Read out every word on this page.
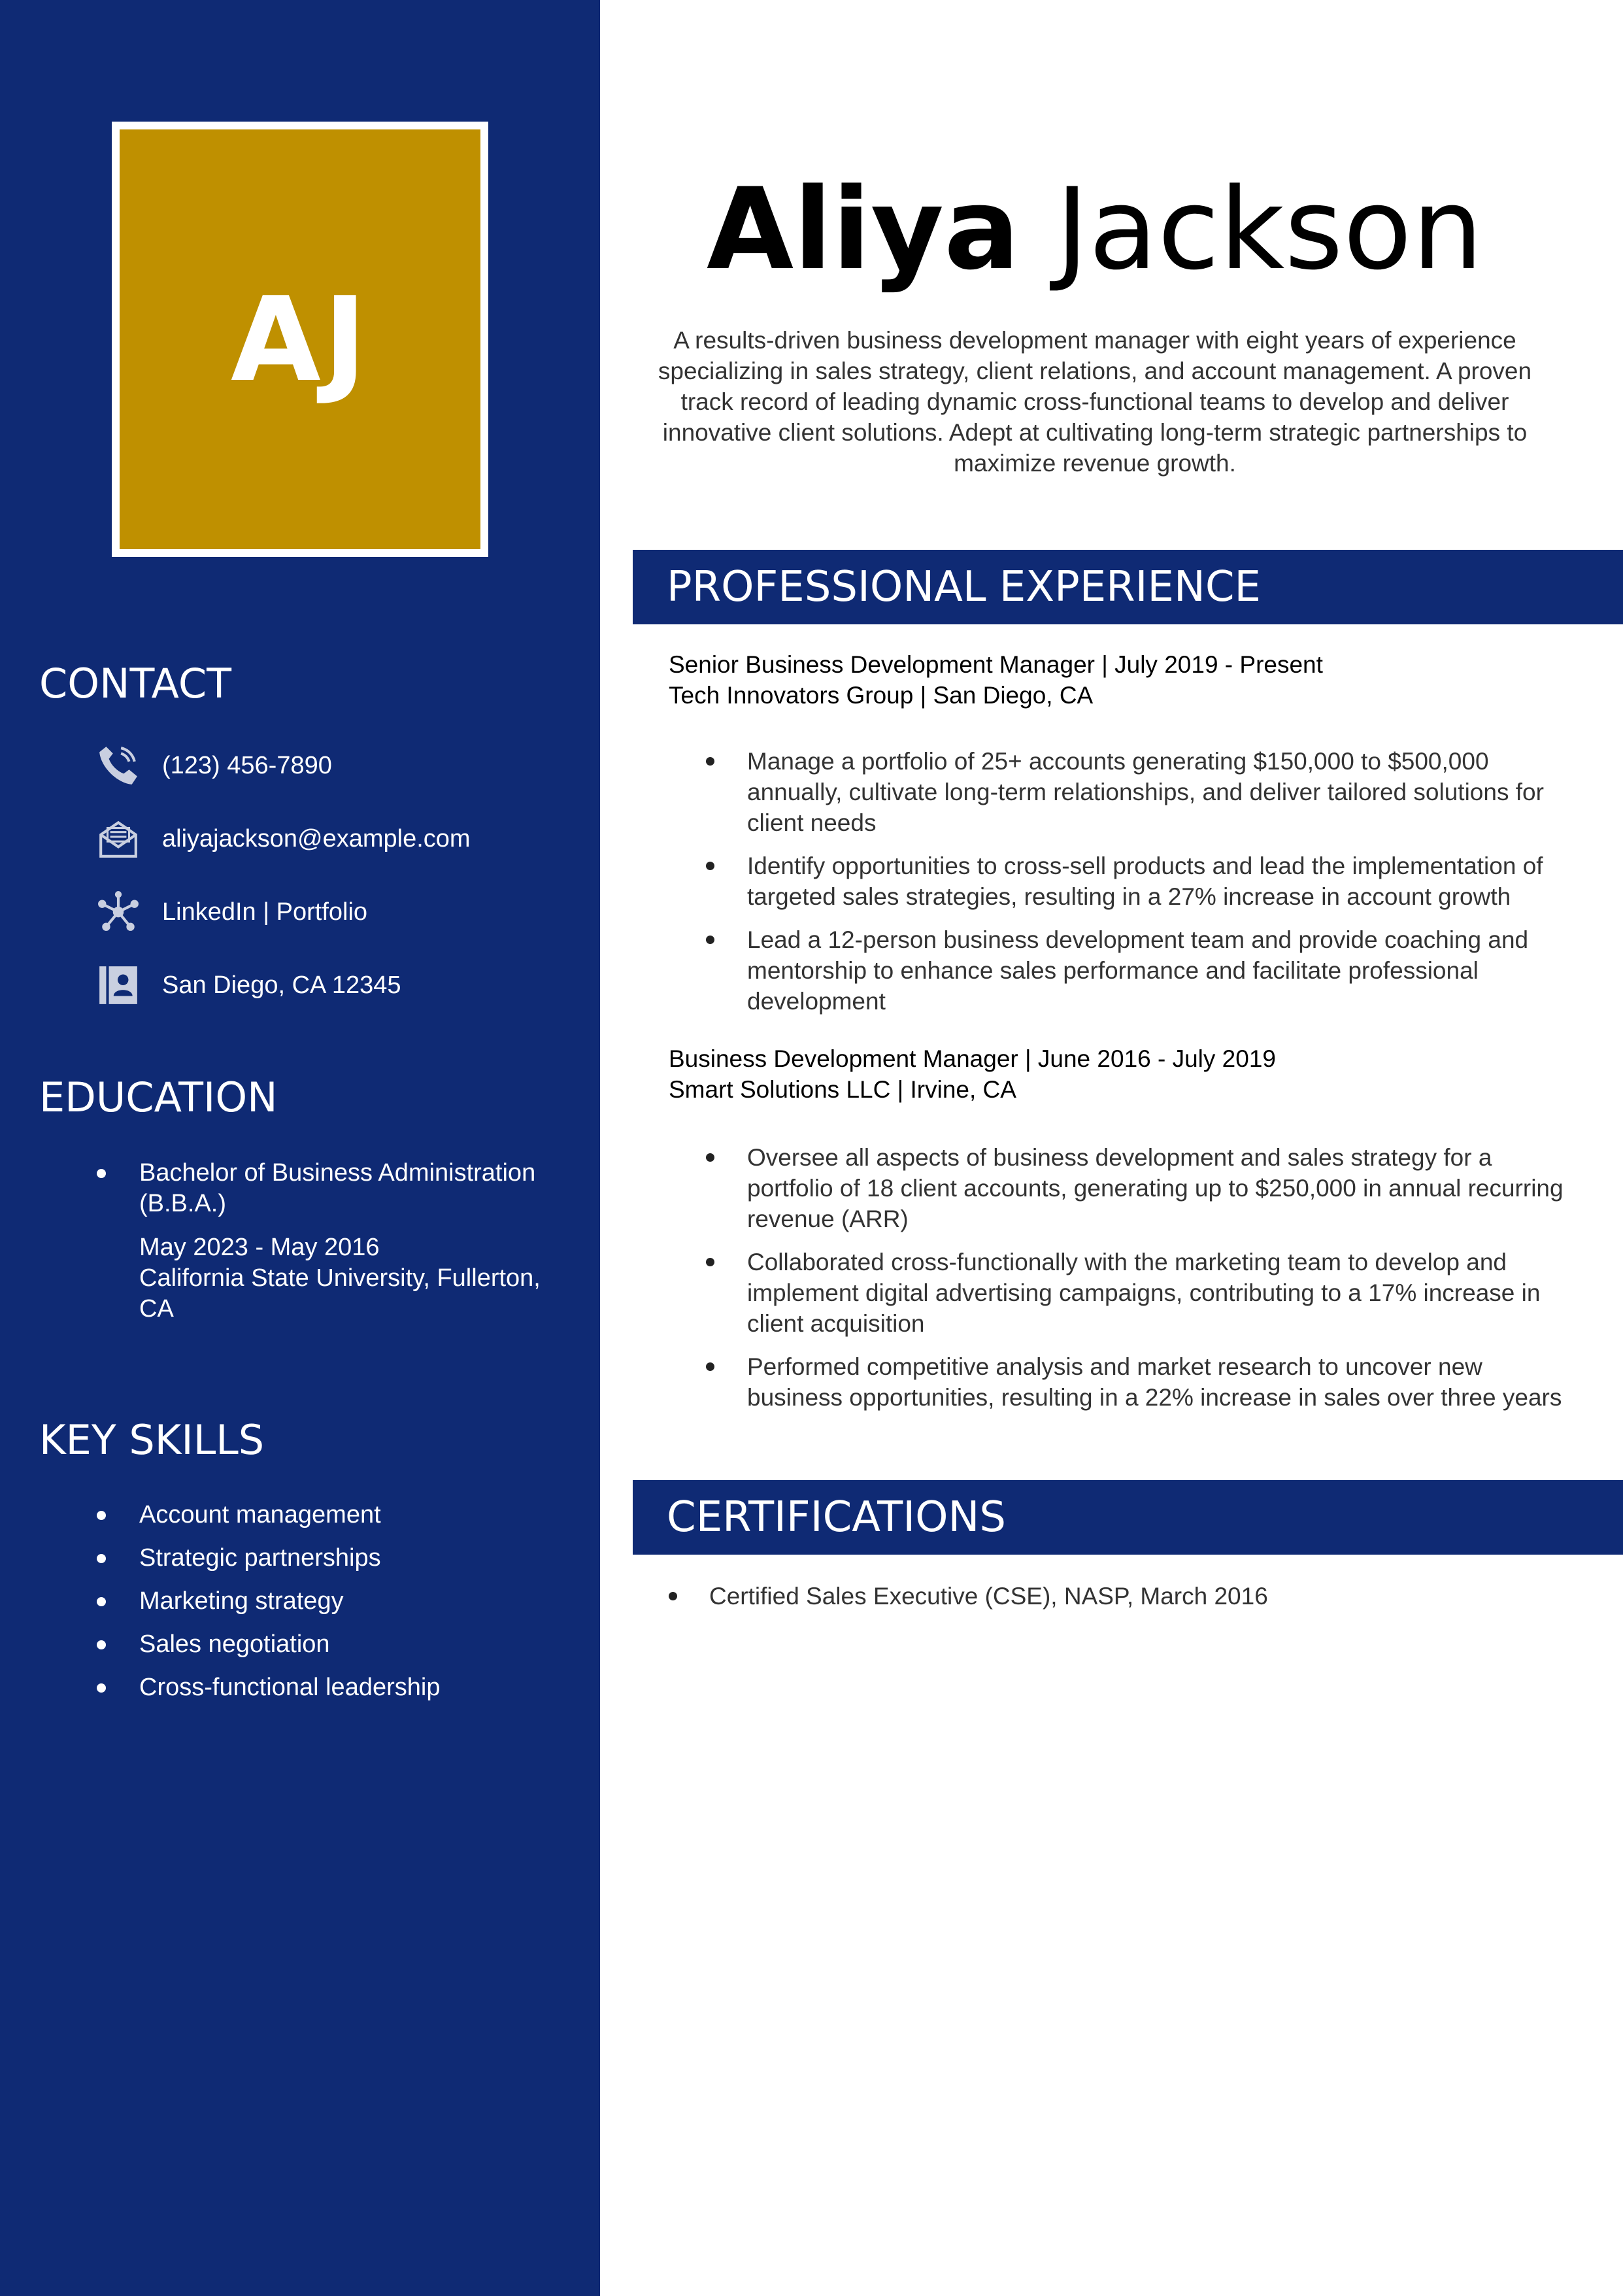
AJ
CONTACT
(123) 456-7890
aliyajackson@example.com
LinkedIn | Portfolio
San Diego, CA 12345
EDUCATION
Bachelor of Business Administration (B.B.A.)
May 2023 - May 2016
California State University, Fullerton, CA
KEY SKILLS
Account management
Strategic partnerships
Marketing strategy
Sales negotiation
Cross-functional leadership
Aliya Jackson

A results-driven business development manager with eight years of experience specializing in sales strategy, client relations, and account management. A proven track record of leading dynamic cross-functional teams to develop and deliver innovative client solutions. Adept at cultivating long-term strategic partnerships to maximize revenue growth.

PROFESSIONAL EXPERIENCE
Senior Business Development Manager | July 2019 - Present
Tech Innovators Group | San Diego, CA
Manage a portfolio of 25+ accounts generating $150,000 to $500,000 annually, cultivate long-term relationships, and deliver tailored solutions for client needs
Identify opportunities to cross-sell products and lead the implementation of targeted sales strategies, resulting in a 27% increase in account growth
Lead a 12-person business development team and provide coaching and mentorship to enhance sales performance and facilitate professional development
Business Development Manager | June 2016 - July 2019
Smart Solutions LLC | Irvine, CA
Oversee all aspects of business development and sales strategy for a portfolio of 18 client accounts, generating up to $250,000 in annual recurring revenue (ARR)
Collaborated cross-functionally with the marketing team to develop and implement digital advertising campaigns, contributing to a 17% increase in client acquisition
Performed competitive analysis and market research to uncover new business opportunities, resulting in a 22% increase in sales over three years
CERTIFICATIONS
Certified Sales Executive (CSE), NASP, March 2016
